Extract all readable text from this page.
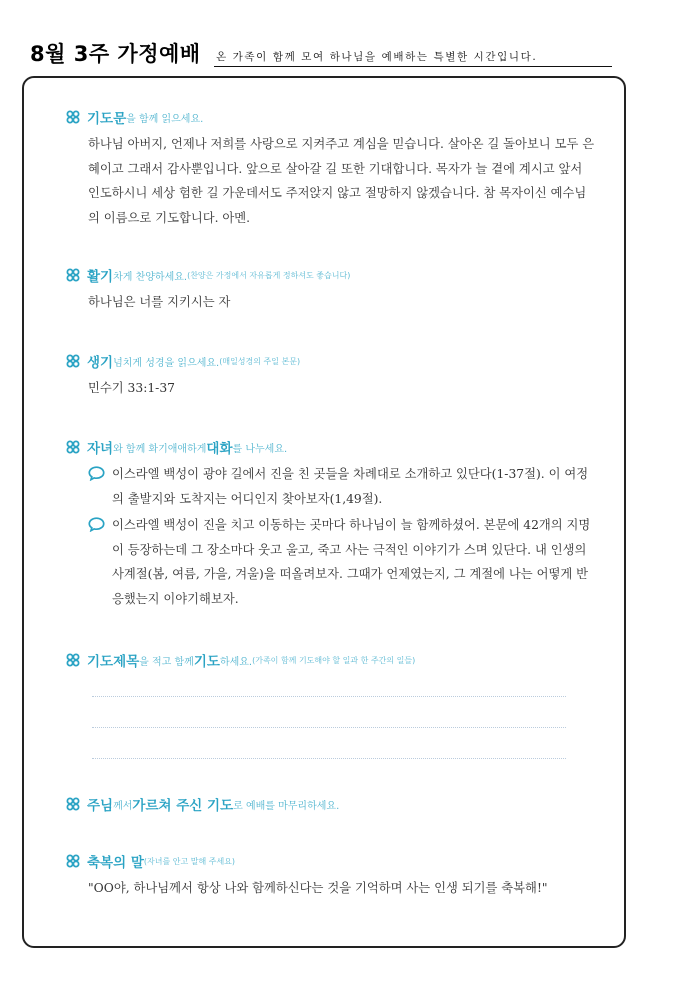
8월 3주 가정예배 온 가족이 함께 모여 하나님을 예배하는 특별한 시간입니다.
기도문 을 함께 읽으세요.
하나님 아버지, 언제나 저희를 사랑으로 지켜주고 계심을 믿습니다. 살아온 길 돌아보니 모두 은혜이고 그래서 감사뿐입니다. 앞으로 살아갈 길 또한 기대합니다. 목자가 늘 곁에 계시고 앞서 인도하시니 세상 험한 길 가운데서도 주저앉지 않고 절망하지 않겠습니다. 참 목자이신 예수님의 이름으로 기도합니다. 아멘.
활기 차게 찬양하세요. (찬양은 가정에서 자유롭게 정하셔도 좋습니다)
하나님은 너를 지키시는 자
생기 넘치게 성경을 읽으세요. (매일성경의 주일 본문)
민수기 33:1-37
자녀 와 함께 화기애애하게 대화 를 나누세요.
이스라엘 백성이 광야 길에서 진을 친 곳들을 차례대로 소개하고 있단다(1-37절). 이 여정의 출발지와 도착지는 어디인지 찾아보자(1,49절).
이스라엘 백성이 진을 치고 이동하는 곳마다 하나님이 늘 함께하셨어. 본문에 42개의 지명이 등장하는데 그 장소마다 웃고 울고, 죽고 사는 극적인 이야기가 스며 있단다. 내 인생의 사계절(봄, 여름, 가을, 겨울)을 떠올려보자. 그때가 언제였는지, 그 계절에 나는 어떻게 반응했는지 이야기해보자.
기도제목 을 적고 함께 기도 하세요. (가족이 함께 기도해야 할 일과 한 주간의 일들)
주님 께서 가르쳐 주신 기도 로 예배를 마무리하세요.
축복의 말 (자녀를 안고 말해 주세요)
"OO야, 하나님께서 항상 나와 함께하신다는 것을 기억하며 사는 인생 되기를 축복해!"
